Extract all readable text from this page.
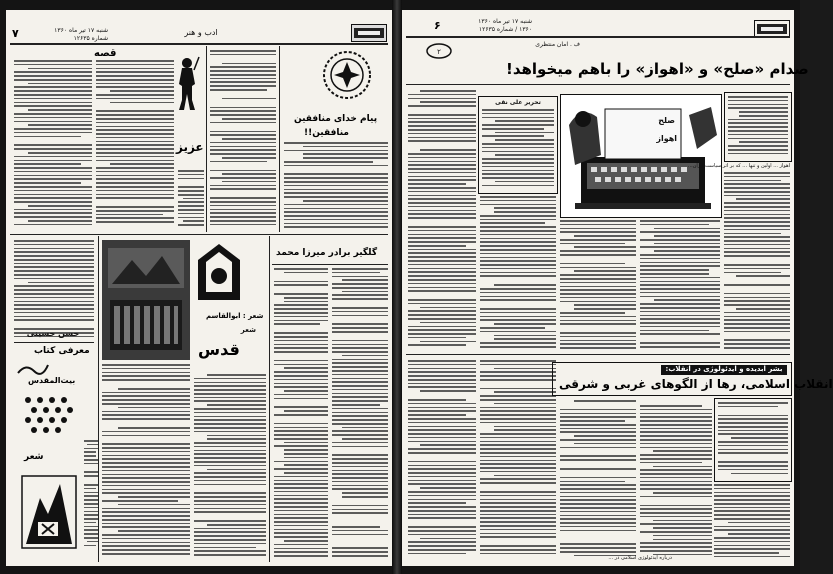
۷	شنبه ۱۷ تیر ماه ۱۳۶۰
شماره ۱۲۶۳۵
ادب و هنر
قصه
عزیز
پیام خدای منافقین
منافقین!!
حسن حسینی
معرفی کتاب
بیت‌المقدس
شعر
شعر : ابوالقاسم
قدس
شعر
گلگیر برادر میرزا محمد
۶	شنبه ۱۷ تیر ماه ۱۳۶۰
۱۳۶۰ / شماره ۱۲۶۳۵
ف . امان منتظری
۲
صدام «صلح» و «اهواز» را باهم میخواهد!
تحریر علی نقی
صلح
اهواز
اهواز ... اولین و تنها ... که بر اثر سیاست ایران...
بشر آبدیده و ایدئولوژی در انقلاب:
انقلاب اسلامی، رها از الگوهای غربی و شرقی
درباره ایدئولوژی اسلامی در ...
